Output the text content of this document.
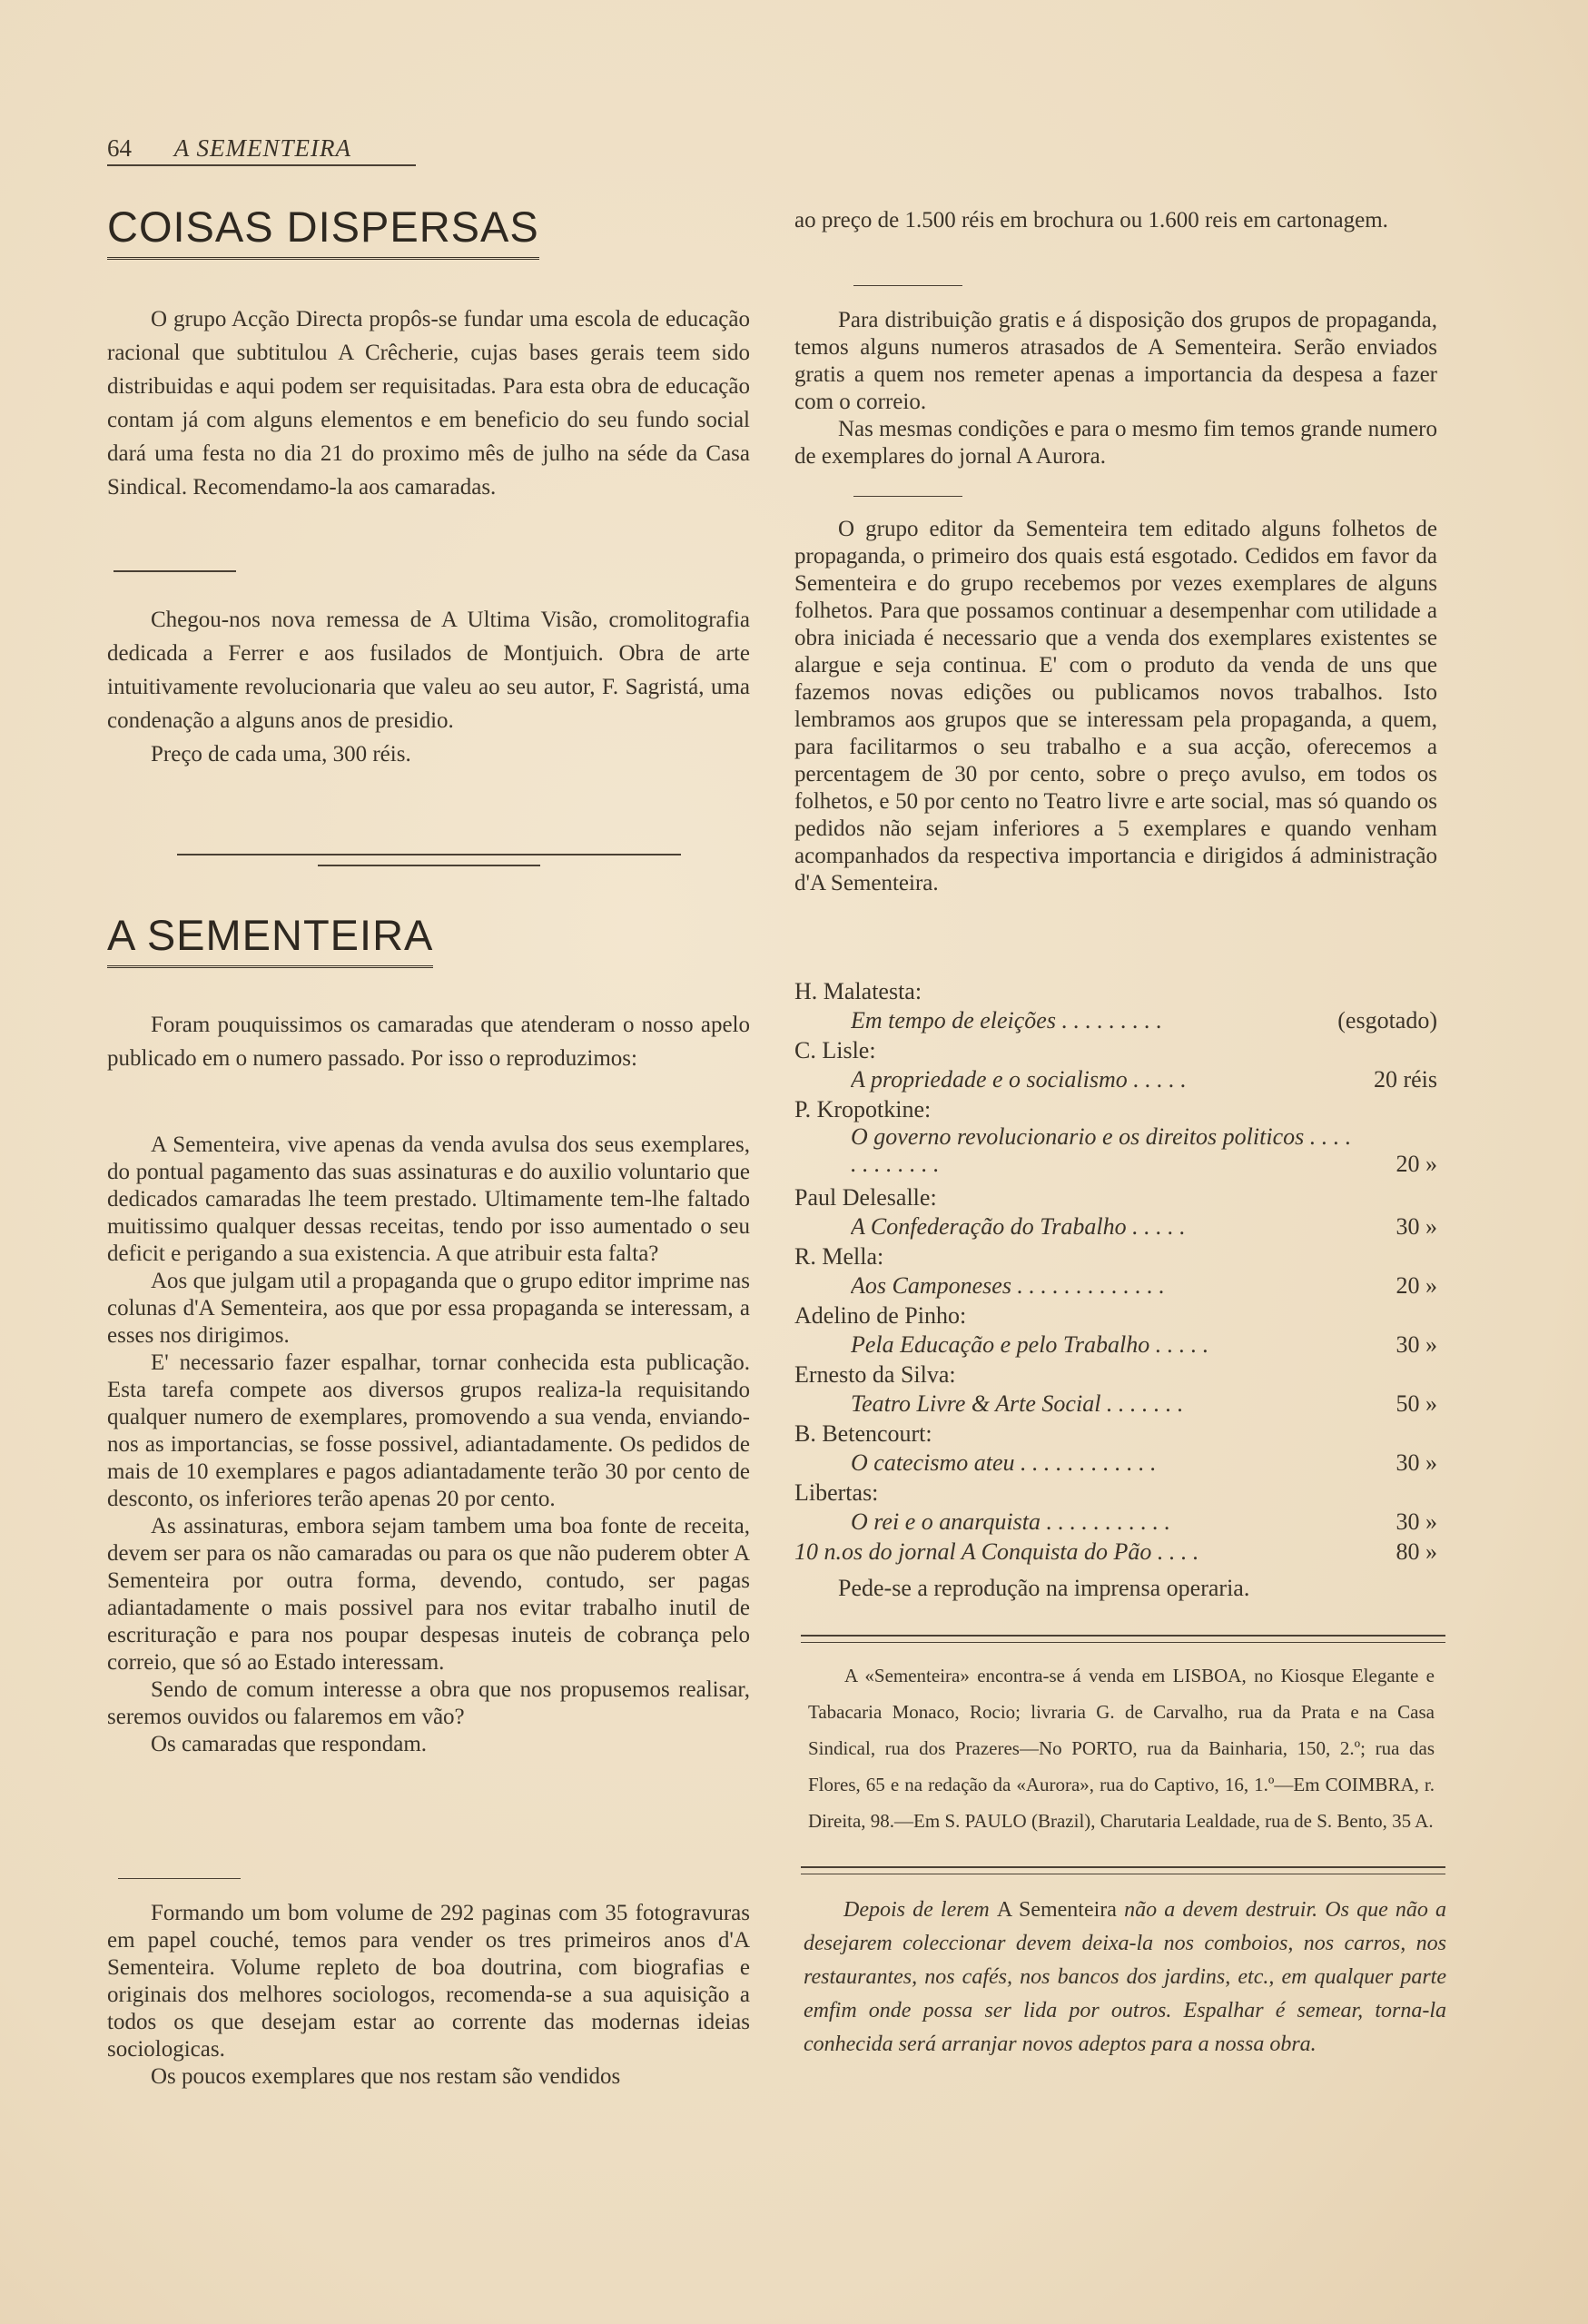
64 A SEMENTEIRA
COISAS DISPERSAS

O grupo Acção Directa propôs-se fundar uma escola de educação racional que subtitulou A Crêcherie, cujas bases gerais teem sido distribuidas e aqui podem ser requisitadas. Para esta obra de educação contam já com alguns elementos e em beneficio do seu fundo social dará uma festa no dia 21 do proximo mês de julho na séde da Casa Sindical. Recomendamo-la aos camaradas.

Chegou-nos nova remessa de A Ultima Visão, cromolitografia dedicada a Ferrer e aos fusilados de Montjuich. Obra de arte intuitivamente revolucionaria que valeu ao seu autor, F. Sagristá, uma condenação a alguns anos de presidio.

Preço de cada uma, 300 réis.

A SEMENTEIRA

Foram pouquissimos os camaradas que atenderam o nosso apelo publicado em o numero passado. Por isso o reproduzimos:

A Sementeira, vive apenas da venda avulsa dos seus exemplares, do pontual pagamento das suas assinaturas e do auxilio voluntario que dedicados camaradas lhe teem prestado. Ultimamente tem-lhe faltado muitissimo qualquer dessas receitas, tendo por isso aumentado o seu deficit e perigando a sua existencia. A que atribuir esta falta?

Aos que julgam util a propaganda que o grupo editor imprime nas colunas d'A Sementeira, aos que por essa propaganda se interessam, a esses nos dirigimos.

E' necessario fazer espalhar, tornar conhecida esta publicação. Esta tarefa compete aos diversos grupos realiza-la requisitando qualquer numero de exemplares, promovendo a sua venda, enviando-nos as importancias, se fosse possivel, adiantadamente. Os pedidos de mais de 10 exemplares e pagos adiantadamente terão 30 por cento de desconto, os inferiores terão apenas 20 por cento.

As assinaturas, embora sejam tambem uma boa fonte de receita, devem ser para os não camaradas ou para os que não puderem obter A Sementeira por outra forma, devendo, contudo, ser pagas adiantadamente o mais possivel para nos evitar trabalho inutil de escrituração e para nos poupar despesas inuteis de cobrança pelo correio, que só ao Estado interessam.

Sendo de comum interesse a obra que nos propusemos realisar, seremos ouvidos ou falaremos em vão?

Os camaradas que respondam.

Formando um bom volume de 292 paginas com 35 fotogravuras em papel couché, temos para vender os tres primeiros anos d'A Sementeira. Volume repleto de boa doutrina, com biografias e originais dos melhores sociologos, recomenda-se a sua aquisição a todos os que desejam estar ao corrente das modernas ideias sociologicas.

Os poucos exemplares que nos restam são vendidos

ao preço de 1.500 réis em brochura ou 1.600 reis em cartonagem.

Para distribuição gratis e á disposição dos grupos de propaganda, temos alguns numeros atrasados de A Sementeira. Serão enviados gratis a quem nos remeter apenas a importancia da despesa a fazer com o correio.

Nas mesmas condições e para o mesmo fim temos grande numero de exemplares do jornal A Aurora.

O grupo editor da Sementeira tem editado alguns folhetos de propaganda, o primeiro dos quais está esgotado. Cedidos em favor da Sementeira e do grupo recebemos por vezes exemplares de alguns folhetos. Para que possamos continuar a desempenhar com utilidade a obra iniciada é necessario que a venda dos exemplares existentes se alargue e seja continua. E' com o produto da venda de uns que fazemos novas edições ou publicamos novos trabalhos. Isto lembramos aos grupos que se interessam pela propaganda, a quem, para facilitarmos o seu trabalho e a sua acção, oferecemos a percentagem de 30 por cento, sobre o preço avulso, em todos os folhetos, e 50 por cento no Teatro livre e arte social, mas só quando os pedidos não sejam inferiores a 5 exemplares e quando venham acompanhados da respectiva importancia e dirigidos á administração d'A Sementeira.

H. Malatesta:
Em tempo de eleições . . . . . . . . .	(esgotado)
C. Lisle:
A propriedade e o socialismo . . . . .	20 réis
P. Kropotkine:
O governo revolucionario e os direitos politicos . . . . . . . . . . . .	20 »
Paul Delesalle:
A Confederação do Trabalho . . . . .	30 »
R. Mella:
Aos Camponeses . . . . . . . . . . . . .	20 »
Adelino de Pinho:
Pela Educação e pelo Trabalho . . . . .	30 »
Ernesto da Silva:
Teatro Livre & Arte Social . . . . . . .	50 »
B. Betencourt:
O catecismo ateu . . . . . . . . . . . .	30 »
Libertas:
O rei e o anarquista . . . . . . . . . . .	30 »
10 n.os do jornal A Conquista do Pão . . . .	80 »
Pede-se a reprodução na imprensa operaria.
A «Sementeira» encontra-se á venda em LISBOA, no Kiosque Elegante e Tabacaria Monaco, Rocio; livraria G. de Carvalho, rua da Prata e na Casa Sindical, rua dos Prazeres—No PORTO, rua da Bainharia, 150, 2.º; rua das Flores, 65 e na redação da «Aurora», rua do Captivo, 16, 1.º—Em COIMBRA, r. Direita, 98.—Em S. PAULO (Brazil), Charutaria Lealdade, rua de S. Bento, 35 A.
Depois de lerem A Sementeira não a devem destruir. Os que não a desejarem coleccionar devem deixa-la nos comboios, nos carros, nos restaurantes, nos cafés, nos bancos dos jardins, etc., em qualquer parte emfim onde possa ser lida por outros. Espalhar é semear, torna-la conhecida será arranjar novos adeptos para a nossa obra.
